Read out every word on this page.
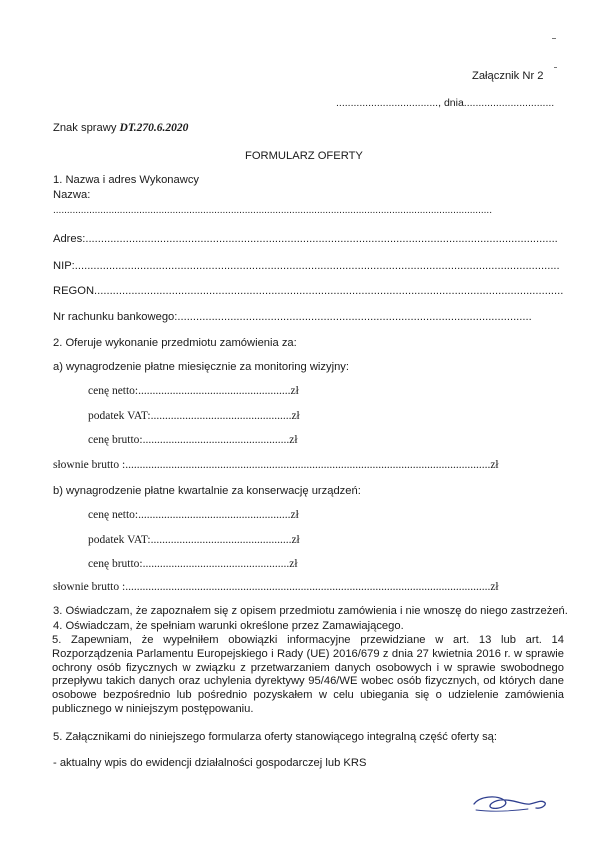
Załącznik Nr 2
..................................., dnia...............................
Znak sprawy DT.270.6.2020
FORMULARZ OFERTY
1. Nazwa i adres Wykonawcy
Nazwa:
..............................................................................................................................................................
Adres:........................................................................................................................................................
NIP:............................................................................................................................................................
REGON.......................................................................................................................................................
Nr rachunku bankowego:..................................................................................................................
2. Oferuje wykonanie przedmiotu zamówienia za:
a) wynagrodzenie płatne miesięcznie za monitoring wizyjny:
cenę netto:.....................................................zł
podatek VAT:.................................................zł
cenę brutto:...................................................zł
słownie brutto :...............................................................................................................................zł
b) wynagrodzenie płatne kwartalnie za konserwację urządzeń:
cenę netto:.....................................................zł
podatek VAT:.................................................zł
cenę brutto:...................................................zł
słownie brutto :...............................................................................................................................zł
3. Oświadczam, że zapoznałem się z opisem przedmiotu zamówienia i nie wnoszę do niego zastrzeżeń.
4. Oświadczam, że spełniam warunki określone przez Zamawiającego.
5. Zapewniam, że wypełniłem obowiązki informacyjne przewidziane w art. 13 lub art. 14 Rozporządzenia Parlamentu Europejskiego i Rady (UE) 2016/679 z dnia 27 kwietnia 2016 r. w sprawie ochrony osób fizycznych w związku z przetwarzaniem danych osobowych i w sprawie swobodnego przepływu takich danych oraz uchylenia dyrektywy 95/46/WE wobec osób fizycznych, od których dane osobowe bezpośrednio lub pośrednio pozyskałem w celu ubiegania się o udzielenie zamówienia publicznego w niniejszym postępowaniu.
5. Załącznikami do niniejszego formularza oferty stanowiącego integralną część oferty są:
- aktualny wpis do ewidencji działalności gospodarczej lub KRS
